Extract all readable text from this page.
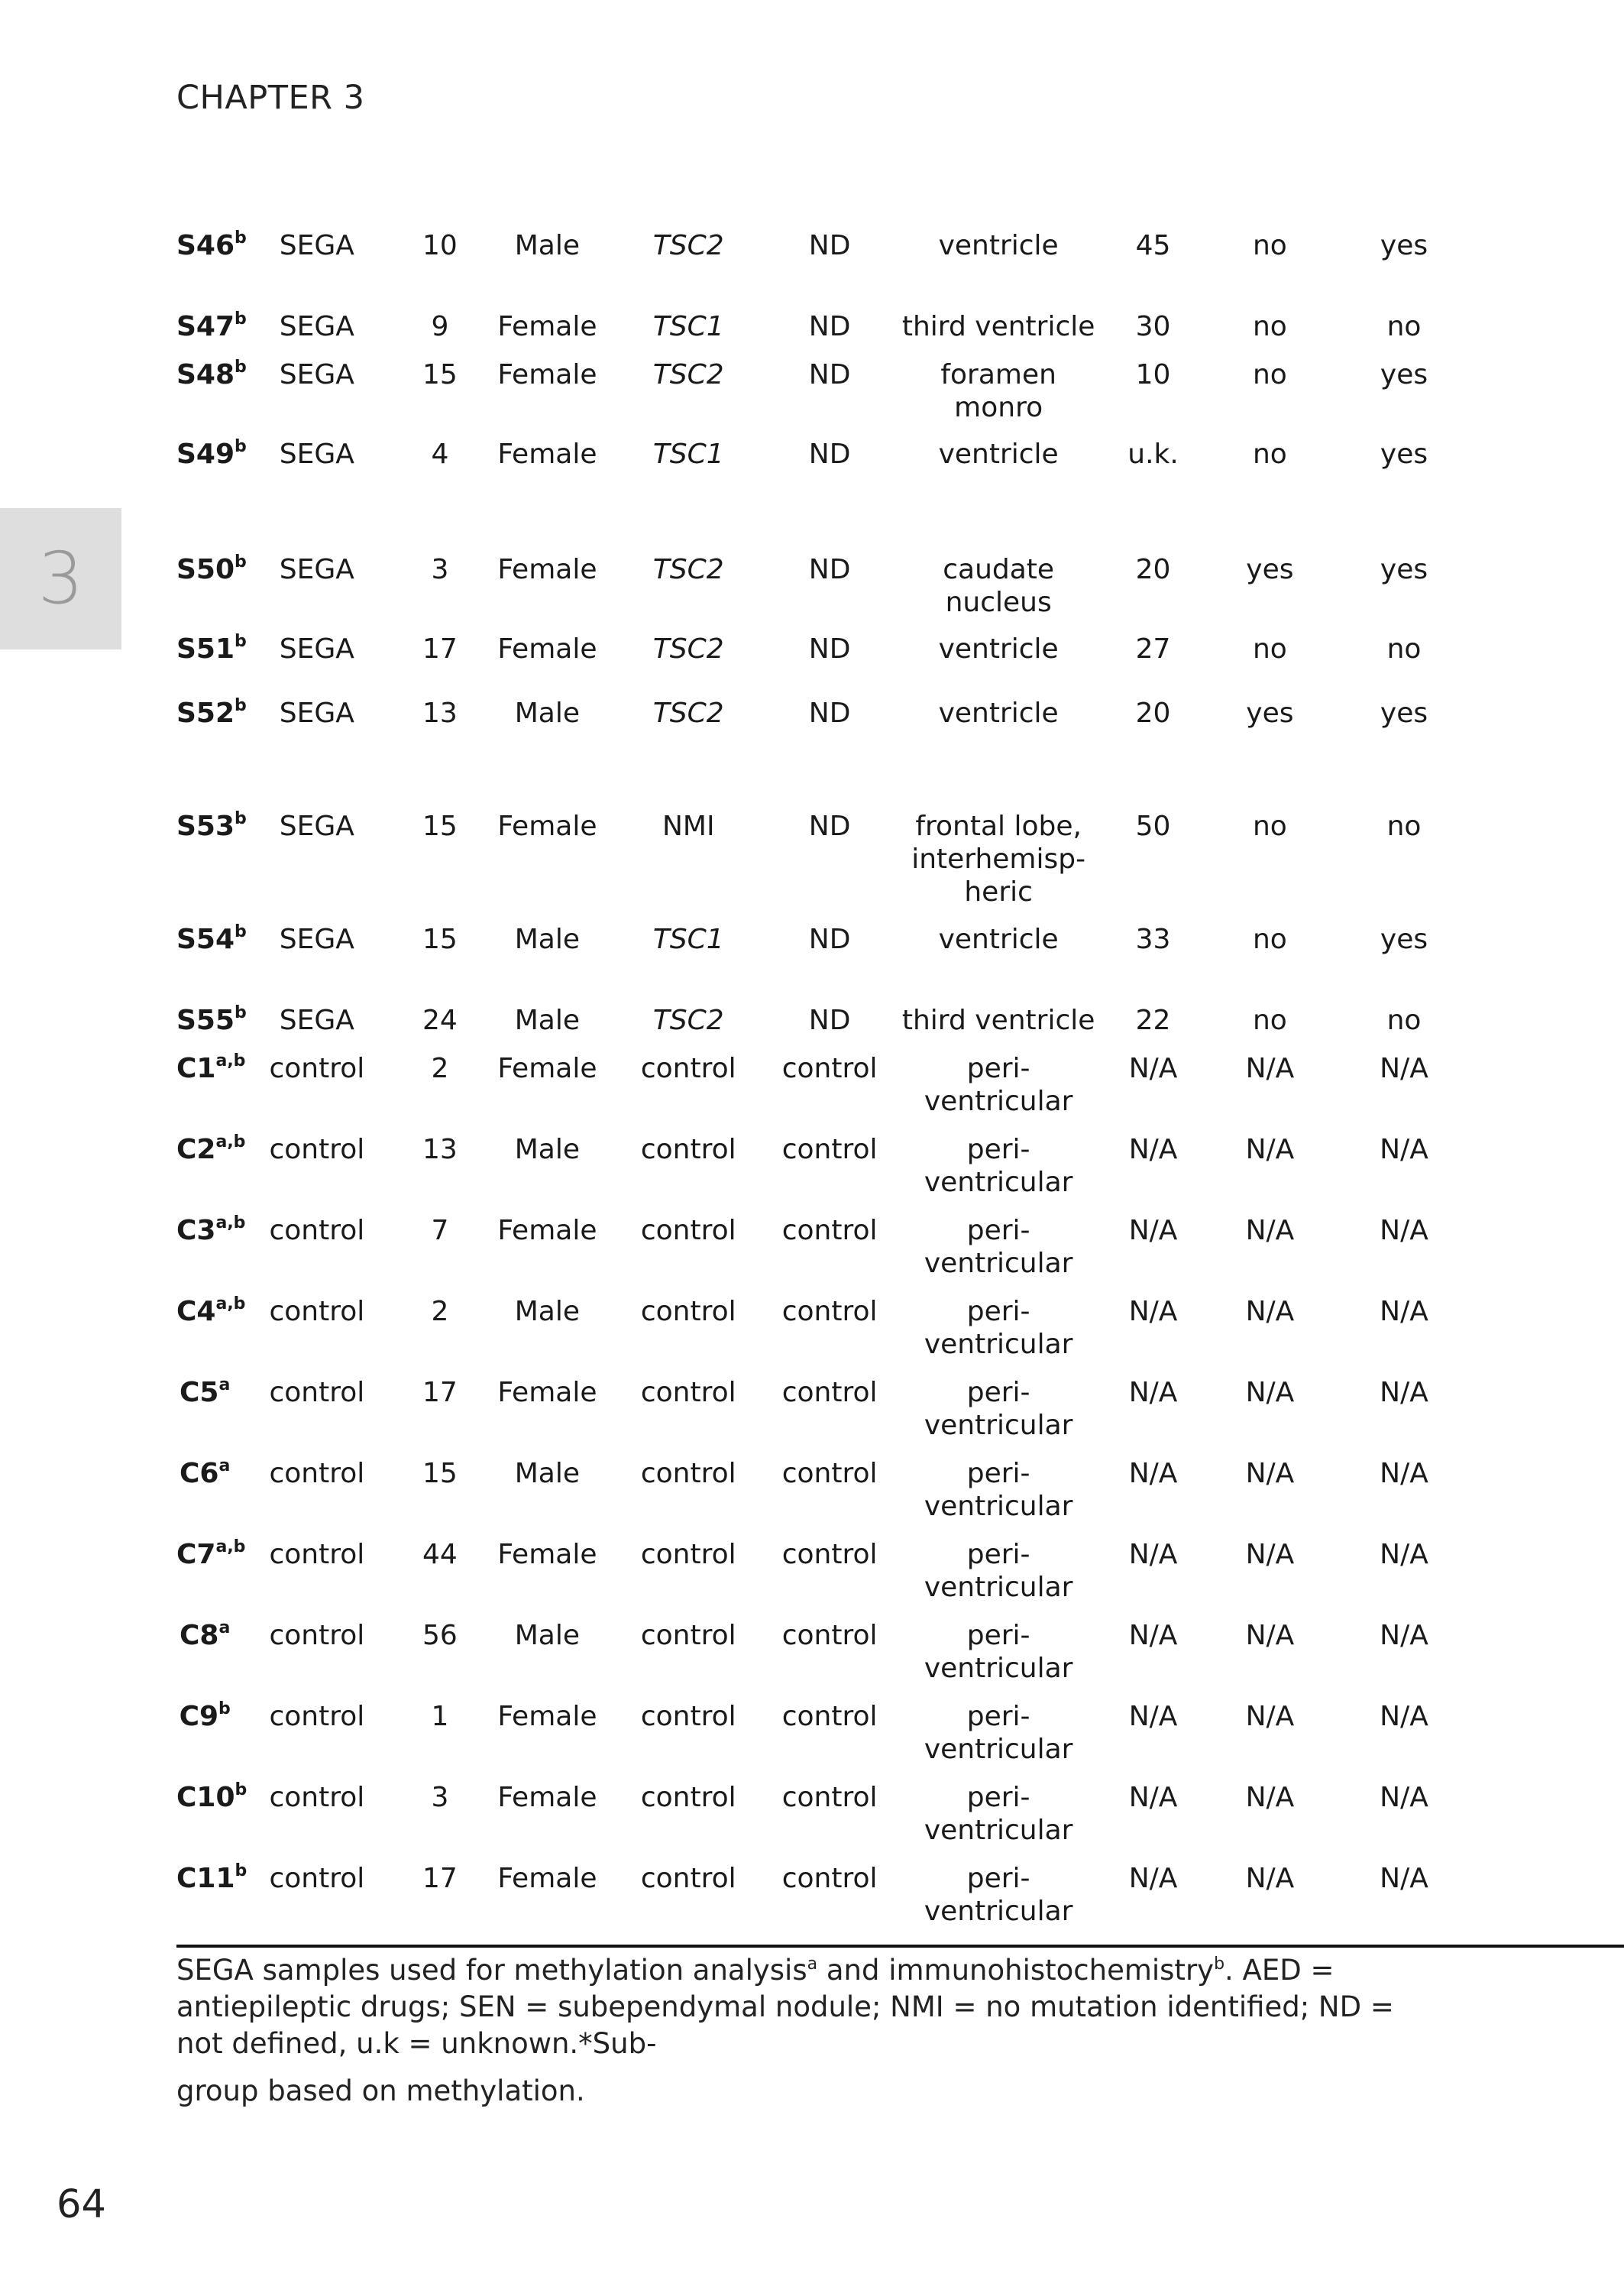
CHAPTER 3
3
S46$^b$	SEGA	10	Male	TSC2	ND	ventricle	45	no	yes
S47$^b$	SEGA	9	Female	TSC1	ND	third ventricle	30	no	no
S48$^b$	SEGA	15	Female	TSC2	ND	foramen monro	10	no	yes
S49$^b$	SEGA	4	Female	TSC1	ND	ventricle	u.k.	no	yes
S50$^b$	SEGA	3	Female	TSC2	ND	caudate nucleus	20	yes	yes
S51$^b$	SEGA	17	Female	TSC2	ND	ventricle	27	no	no
S52$^b$	SEGA	13	Male	TSC2	ND	ventricle	20	yes	yes
S53$^b$	SEGA	15	Female	NMI	ND	frontal lobe, interhemisp-heric	50	no	no
S54$^b$	SEGA	15	Male	TSC1	ND	ventricle	33	no	yes
S55$^b$	SEGA	24	Male	TSC2	ND	third ventricle	22	no	no
C1$^{a,b}$	control	2	Female	control	control	peri-ventricular	N/A	N/A	N/A
C2$^{a,b}$	control	13	Male	control	control	peri-ventricular	N/A	N/A	N/A
C3$^{a,b}$	control	7	Female	control	control	peri-ventricular	N/A	N/A	N/A
C4$^{a,b}$	control	2	Male	control	control	peri-ventricular	N/A	N/A	N/A
C5$^a$	control	17	Female	control	control	peri-ventricular	N/A	N/A	N/A
C6$^a$	control	15	Male	control	control	peri-ventricular	N/A	N/A	N/A
C7$^{a,b}$	control	44	Female	control	control	peri-ventricular	N/A	N/A	N/A
C8$^a$	control	56	Male	control	control	peri-ventricular	N/A	N/A	N/A
C9$^b$	control	1	Female	control	control	peri-ventricular	N/A	N/A	N/A
C10$^b$	control	3	Female	control	control	peri-ventricular	N/A	N/A	N/A
C11$^b$	control	17	Female	control	control	peri-ventricular	N/A	N/A	N/A

SEGA samples used for methylation analysis$^a$ and immunohistochemistry$^b$. AED = antiepileptic drugs; SEN = subependymal nodule; NMI = no mutation identified; ND = not defined, u.k = unknown.*Sub-

group based on methylation.

64
